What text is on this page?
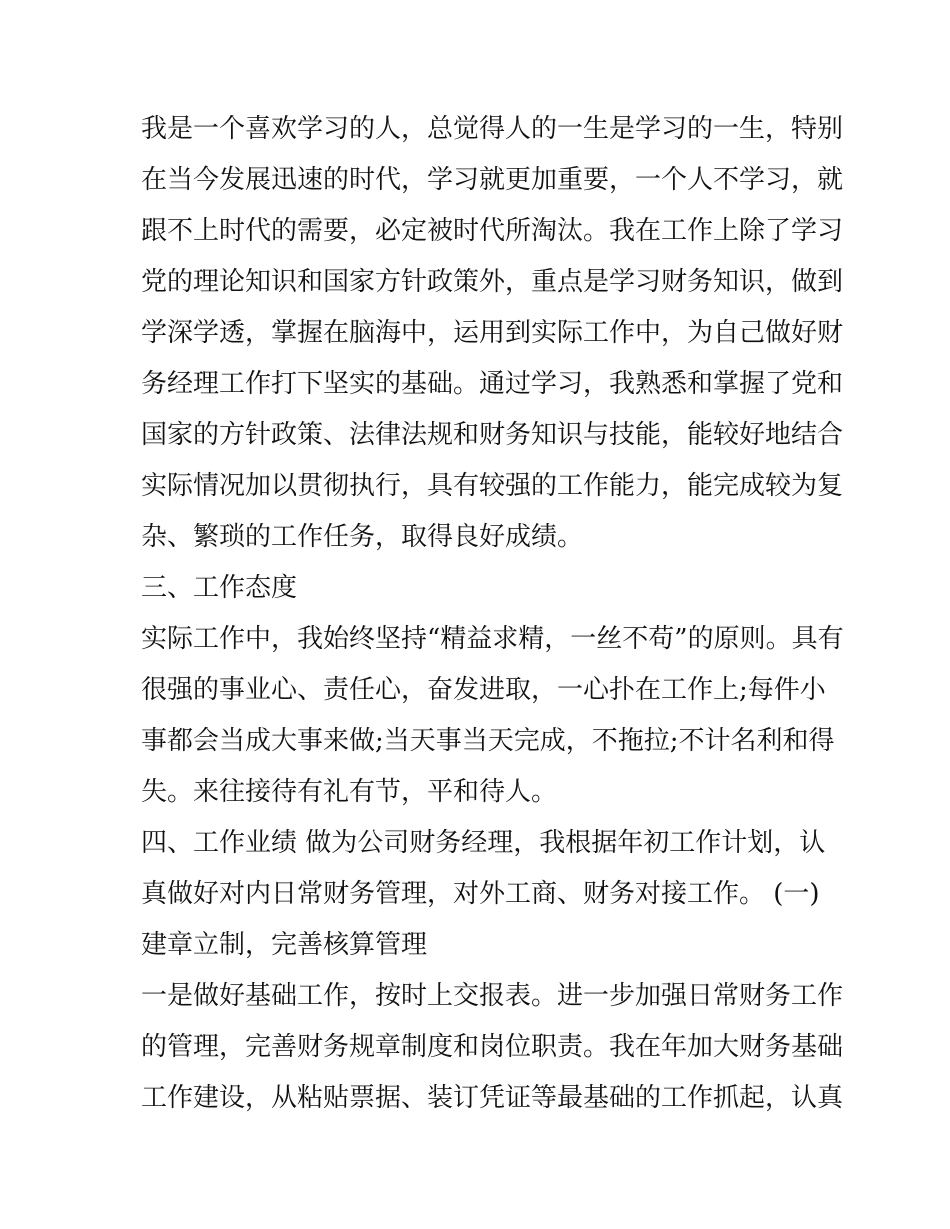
我是一个喜欢学习的人，总觉得人的一生是学习的一生，特别
在当今发展迅速的时代，学习就更加重要，一个人不学习，就
跟不上时代的需要，必定被时代所淘汰。我在工作上除了学习
党的理论知识和国家方针政策外，重点是学习财务知识，做到
学深学透，掌握在脑海中，运用到实际工作中，为自己做好财
务经理工作打下坚实的基础。通过学习，我熟悉和掌握了党和
国家的方针政策、法律法规和财务知识与技能，能较好地结合
实际情况加以贯彻执行，具有较强的工作能力，能完成较为复
杂、繁琐的工作任务，取得良好成绩。
三、工作态度
实际工作中，我始终坚持“精益求精，一丝不苟”的原则。具有
很强的事业心、责任心，奋发进取，一心扑在工作上;每件小
事都会当成大事来做;当天事当天完成，不拖拉;不计名利和得
失。来往接待有礼有节，平和待人。
四、工作业绩 做为公司财务经理，我根据年初工作计划，认
真做好对内日常财务管理，对外工商、财务对接工作。 (一)
建章立制，完善核算管理
一是做好基础工作，按时上交报表。进一步加强日常财务工作
的管理，完善财务规章制度和岗位职责。我在年加大财务基础
工作建设，从粘贴票据、装订凭证等最基础的工作抓起，认真
